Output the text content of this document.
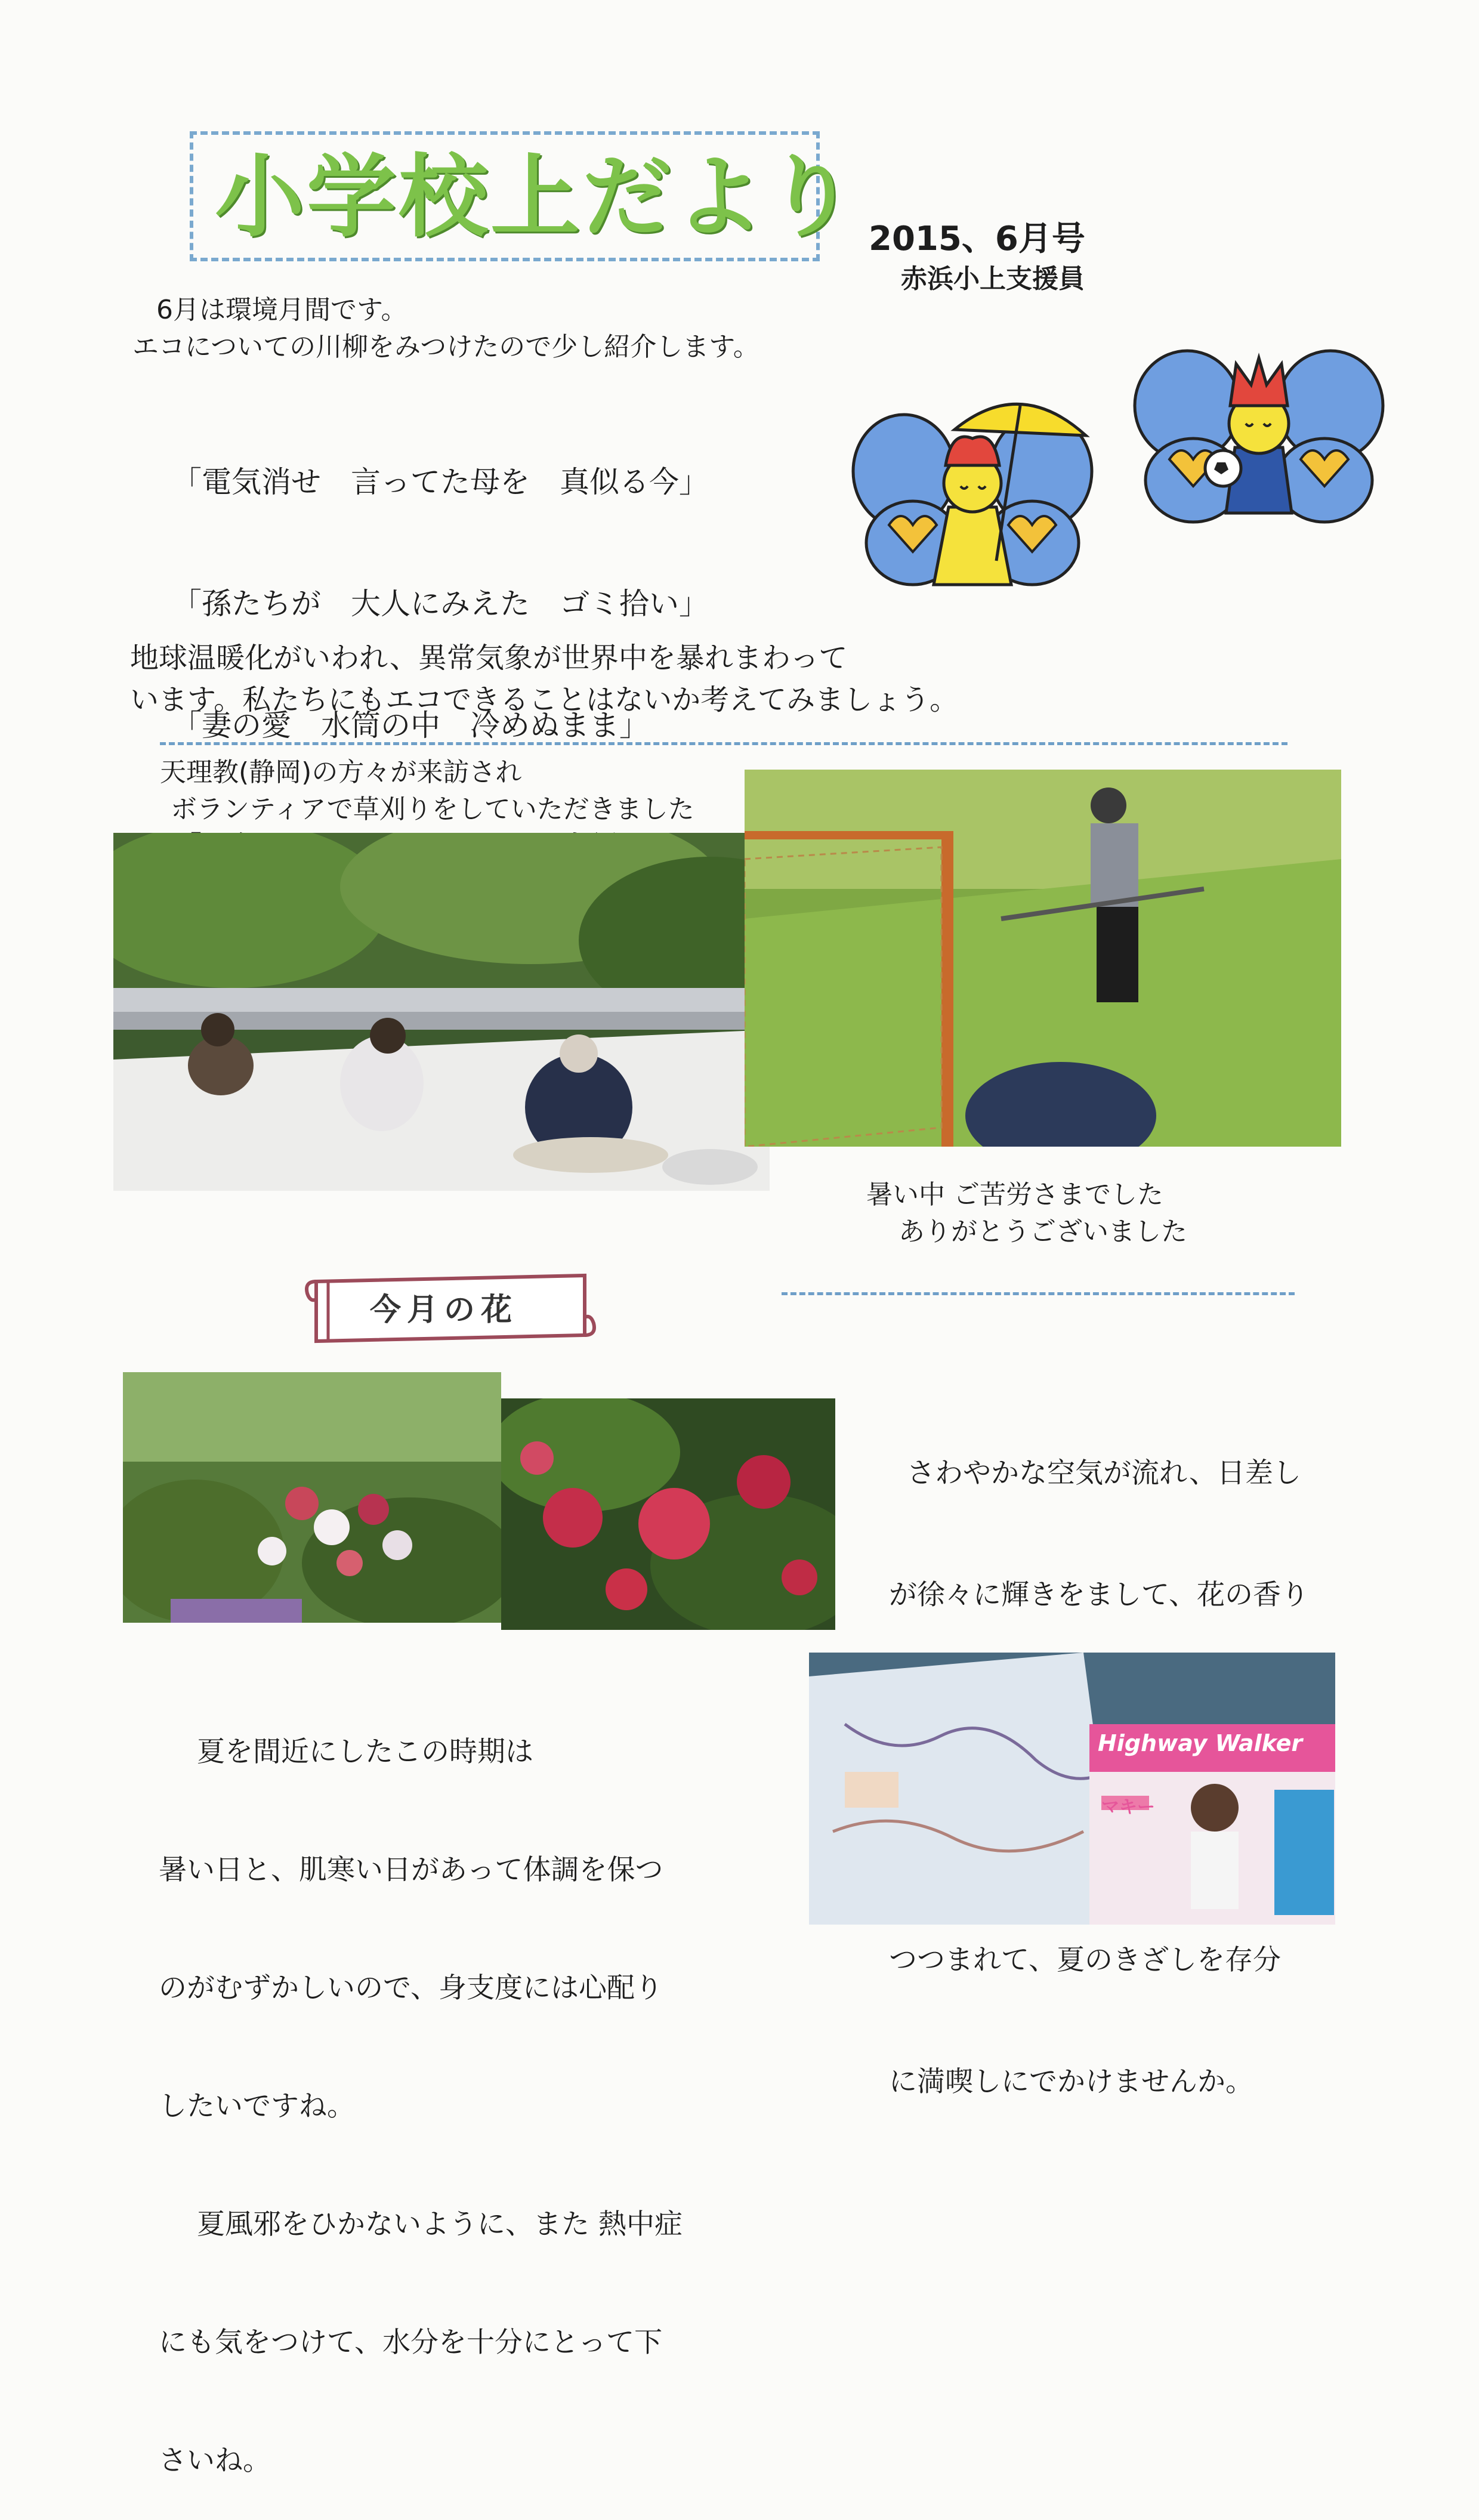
小学校上だより 2015、6月号
赤浜小上支援員
6月は環境月間です。
エコについての川柳をみつけたので少し紹介します。

「電気消せ　言ってた母を　真似る今」

「孫たちが　大人にみえた　ゴミ拾い」

「妻の愛　水筒の中　冷めぬまま」

地球温暖化がいわれ、異常気象が世界中を暴れまわって
います。私たちにもエコできることはないか考えてみましょう。
天理教(静岡)の方々が来訪され
ボランティアで草刈りをしていただきました
暑い中 ご苦労さまでした
ありがとうございました
今月の花

さわやかな空気が流れ、日差し

が徐々に輝きをまして、花の香り

つつまれて、夏のきざしを存分

に満喫しにでかけませんか。

夏を間近にしたこの時期は

暑い日と、肌寒い日があって体調を保つ

のがむずかしいので、身支度には心配り

したいですね。

夏風邪をひかないように、また 熱中症

にも気をつけて、水分を十分にとって下

さいね。

Highway Walker
マキー
